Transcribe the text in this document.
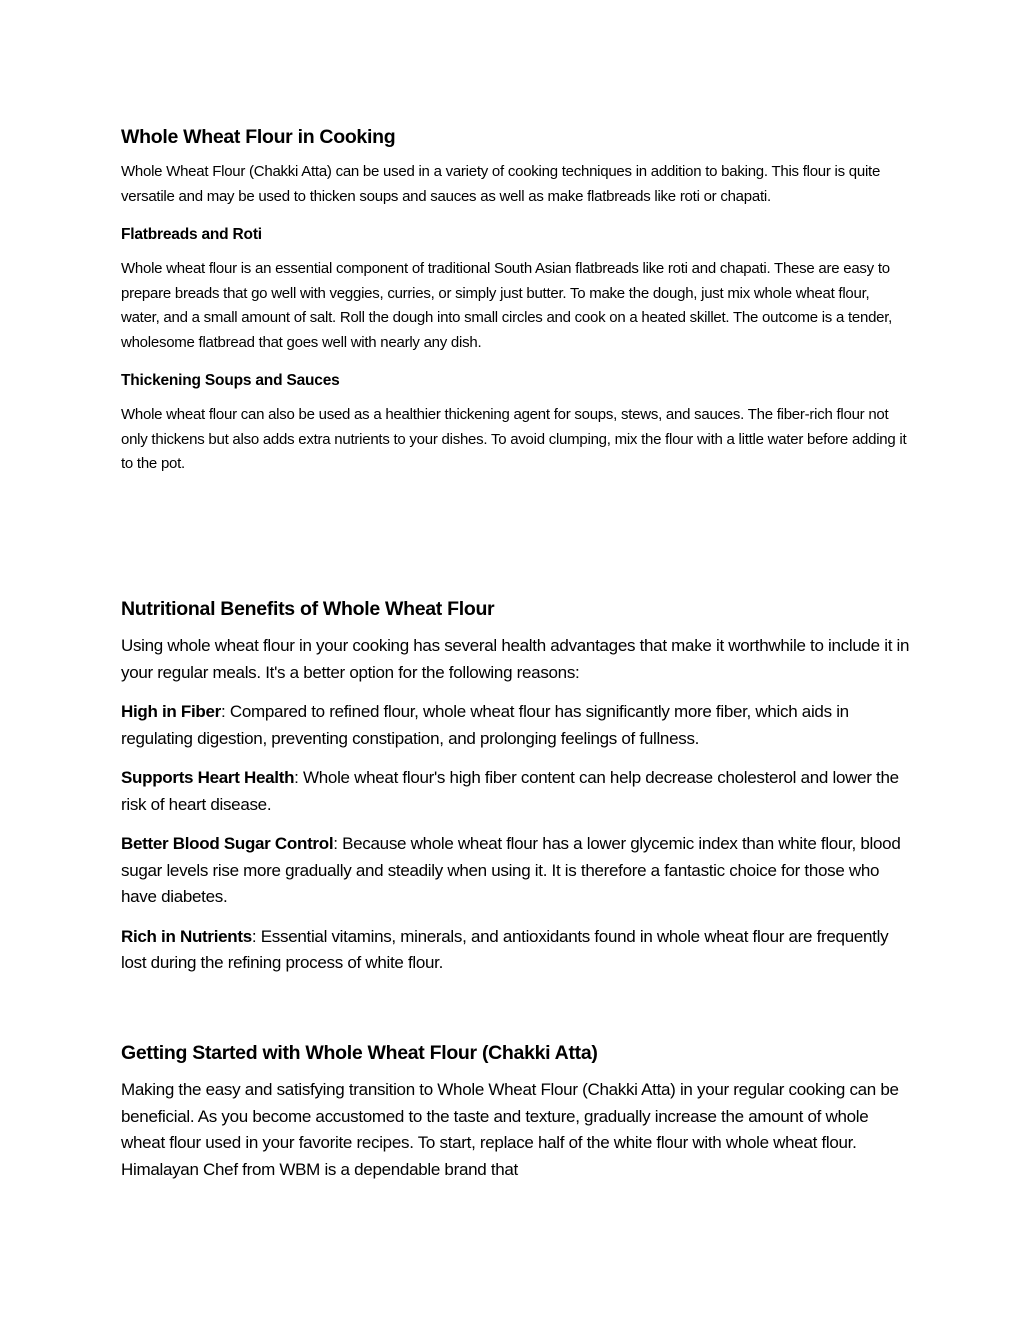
Whole Wheat Flour in Cooking

Whole Wheat Flour (Chakki Atta) can be used in a variety of cooking techniques in addition to baking. This flour is quite versatile and may be used to thicken soups and sauces as well as make flatbreads like roti or chapati.

Flatbreads and Roti

Whole wheat flour is an essential component of traditional South Asian flatbreads like roti and chapati. These are easy to prepare breads that go well with veggies, curries, or simply just butter. To make the dough, just mix whole wheat flour, water, and a small amount of salt. Roll the dough into small circles and cook on a heated skillet. The outcome is a tender, wholesome flatbread that goes well with nearly any dish.

Thickening Soups and Sauces

Whole wheat flour can also be used as a healthier thickening agent for soups, stews, and sauces. The fiber-rich flour not only thickens but also adds extra nutrients to your dishes. To avoid clumping, mix the flour with a little water before adding it to the pot.

Nutritional Benefits of Whole Wheat Flour

Using whole wheat flour in your cooking has several health advantages that make it worthwhile to include it in your regular meals. It's a better option for the following reasons:

High in Fiber: Compared to refined flour, whole wheat flour has significantly more fiber, which aids in regulating digestion, preventing constipation, and prolonging feelings of fullness.

Supports Heart Health: Whole wheat flour's high fiber content can help decrease cholesterol and lower the risk of heart disease.

Better Blood Sugar Control: Because whole wheat flour has a lower glycemic index than white flour, blood sugar levels rise more gradually and steadily when using it. It is therefore a fantastic choice for those who have diabetes.

Rich in Nutrients: Essential vitamins, minerals, and antioxidants found in whole wheat flour are frequently lost during the refining process of white flour.

Getting Started with Whole Wheat Flour (Chakki Atta)

Making the easy and satisfying transition to Whole Wheat Flour (Chakki Atta) in your regular cooking can be beneficial. As you become accustomed to the taste and texture, gradually increase the amount of whole wheat flour used in your favorite recipes. To start, replace half of the white flour with whole wheat flour. Himalayan Chef from WBM is a dependable brand that
